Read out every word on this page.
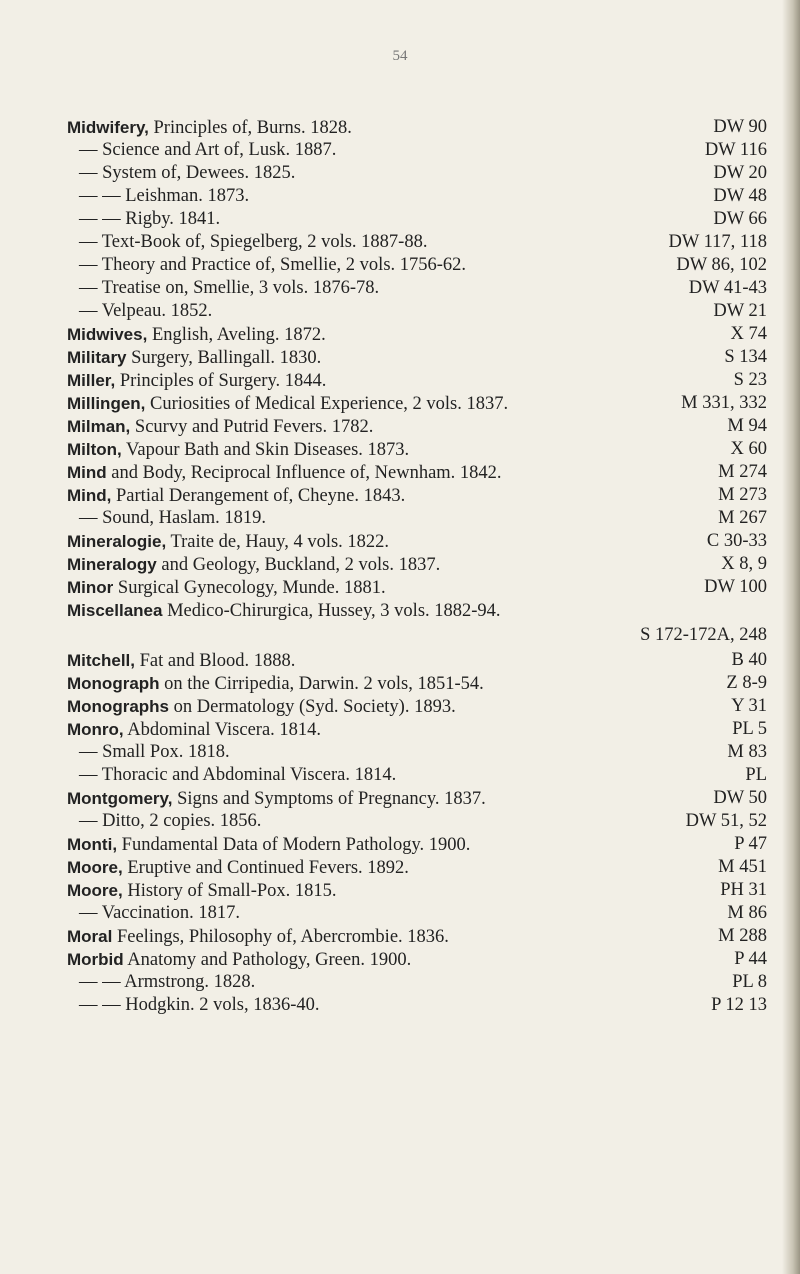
54
Midwifery, Principles of, Burns. 1828.	DW 90
— Science and Art of, Lusk. 1887.	DW 116
— System of, Dewees. 1825.	DW 20
— — Leishman. 1873.	DW 48
— — Rigby. 1841.	DW 66
— Text-Book of, Spiegelberg, 2 vols. 1887-88.	DW 117, 118
— Theory and Practice of, Smellie, 2 vols. 1756-62.	DW 86, 102
— Treatise on, Smellie, 3 vols. 1876-78.	DW 41-43
— Velpeau. 1852.	DW 21
Midwives, English, Aveling. 1872.	X 74
Military Surgery, Ballingall. 1830.	S 134
Miller, Principles of Surgery. 1844.	S 23
Millingen, Curiosities of Medical Experience, 2 vols. 1837.	M 331, 332
Milman, Scurvy and Putrid Fevers. 1782.	M 94
Milton, Vapour Bath and Skin Diseases. 1873.	X 60
Mind and Body, Reciprocal Influence of, Newnham. 1842.	M 274
Mind, Partial Derangement of, Cheyne. 1843.	M 273
— Sound, Haslam. 1819.	M 267
Mineralogie, Traite de, Hauy, 4 vols. 1822.	C 30-33
Mineralogy and Geology, Buckland, 2 vols. 1837.	X 8, 9
Minor Surgical Gynecology, Munde. 1881.	DW 100
Miscellanea Medico-Chirurgica, Hussey, 3 vols. 1882-94.
S 172-172A, 248
Mitchell, Fat and Blood. 1888.	B 40
Monograph on the Cirripedia, Darwin. 2 vols, 1851-54.	Z 8-9
Monographs on Dermatology (Syd. Society). 1893.	Y 31
Monro, Abdominal Viscera. 1814.	PL 5
— Small Pox. 1818.	M 83
— Thoracic and Abdominal Viscera. 1814.	PL
Montgomery, Signs and Symptoms of Pregnancy. 1837.	DW 50
— Ditto, 2 copies. 1856.	DW 51, 52
Monti, Fundamental Data of Modern Pathology. 1900.	P 47
Moore, Eruptive and Continued Fevers. 1892.	M 451
Moore, History of Small-Pox. 1815.	PH 31
— Vaccination. 1817.	M 86
Moral Feelings, Philosophy of, Abercrombie. 1836.	M 288
Morbid Anatomy and Pathology, Green. 1900.	P 44
— — Armstrong. 1828.	PL 8
— — Hodgkin. 2 vols, 1836-40.	P 12 13
